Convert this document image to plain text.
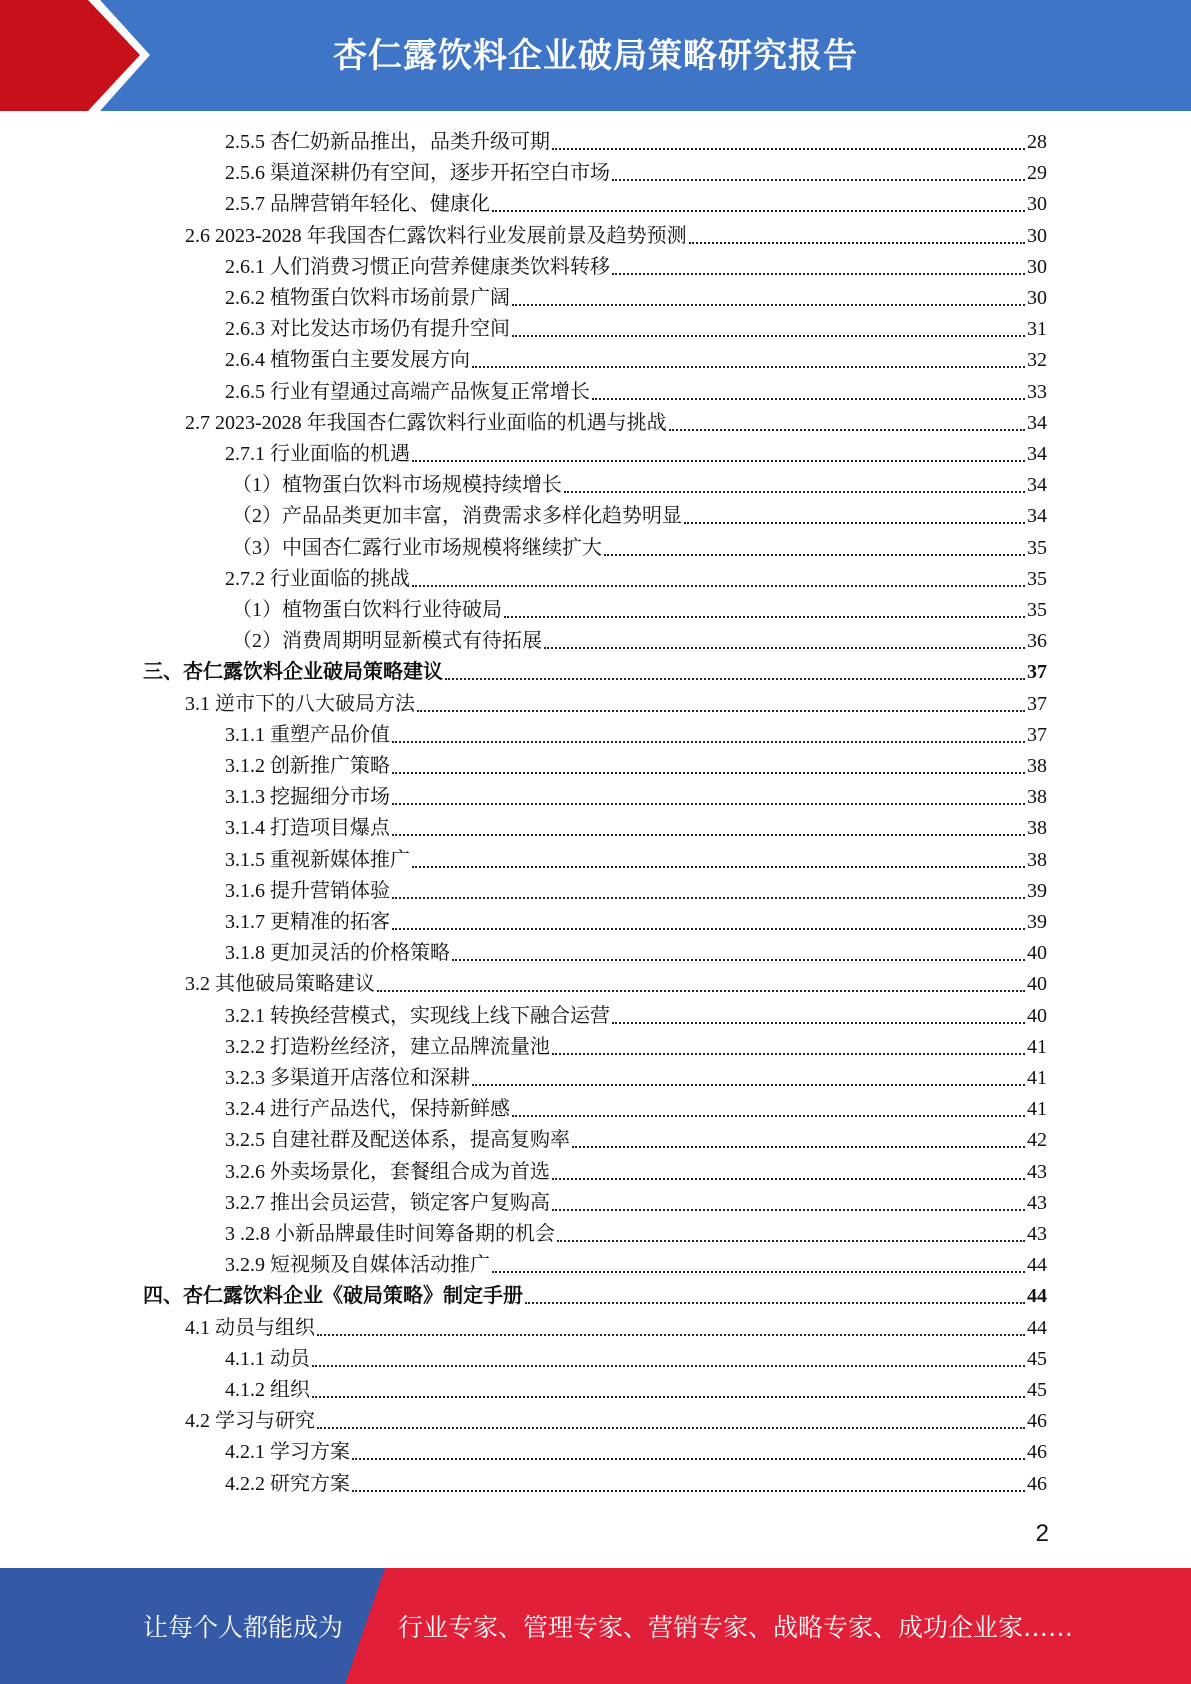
杏仁露饮料企业破局策略研究报告
2.5.5 杏仁奶新品推出，品类升级可期	28
2.5.6 渠道深耕仍有空间，逐步开拓空白市场	29
2.5.7 品牌营销年轻化、健康化	30
2.6 2023-2028 年我国杏仁露饮料行业发展前景及趋势预测	30
2.6.1 人们消费习惯正向营养健康类饮料转移	30
2.6.2 植物蛋白饮料市场前景广阔	30
2.6.3 对比发达市场仍有提升空间	31
2.6.4 植物蛋白主要发展方向	32
2.6.5 行业有望通过高端产品恢复正常增长	33
2.7 2023-2028 年我国杏仁露饮料行业面临的机遇与挑战	34
2.7.1 行业面临的机遇	34
（1）植物蛋白饮料市场规模持续增长	34
（2）产品品类更加丰富，消费需求多样化趋势明显	34
（3）中国杏仁露行业市场规模将继续扩大	35
2.7.2 行业面临的挑战	35
（1）植物蛋白饮料行业待破局	35
（2）消费周期明显新模式有待拓展	36
三、杏仁露饮料企业破局策略建议	37
3.1 逆市下的八大破局方法	37
3.1.1 重塑产品价值	37
3.1.2 创新推广策略	38
3.1.3 挖掘细分市场	38
3.1.4 打造项目爆点	38
3.1.5 重视新媒体推广	38
3.1.6 提升营销体验	39
3.1.7 更精准的拓客	39
3.1.8 更加灵活的价格策略	40
3.2 其他破局策略建议	40
3.2.1 转换经营模式，实现线上线下融合运营	40
3.2.2 打造粉丝经济，建立品牌流量池	41
3.2.3 多渠道开店落位和深耕	41
3.2.4 进行产品迭代，保持新鲜感	41
3.2.5 自建社群及配送体系，提高复购率	42
3.2.6 外卖场景化，套餐组合成为首选	43
3.2.7 推出会员运营，锁定客户复购高	43
3 .2.8 小新品牌最佳时间筹备期的机会	43
3.2.9 短视频及自媒体活动推广	44
四、杏仁露饮料企业《破局策略》制定手册	44
4.1 动员与组织	44
4.1.1 动员	45
4.1.2 组织	45
4.2 学习与研究	46
4.2.1 学习方案	46
4.2.2 研究方案	46
2
让每个人都能成为 行业专家、管理专家、营销专家、战略专家、成功企业家……
